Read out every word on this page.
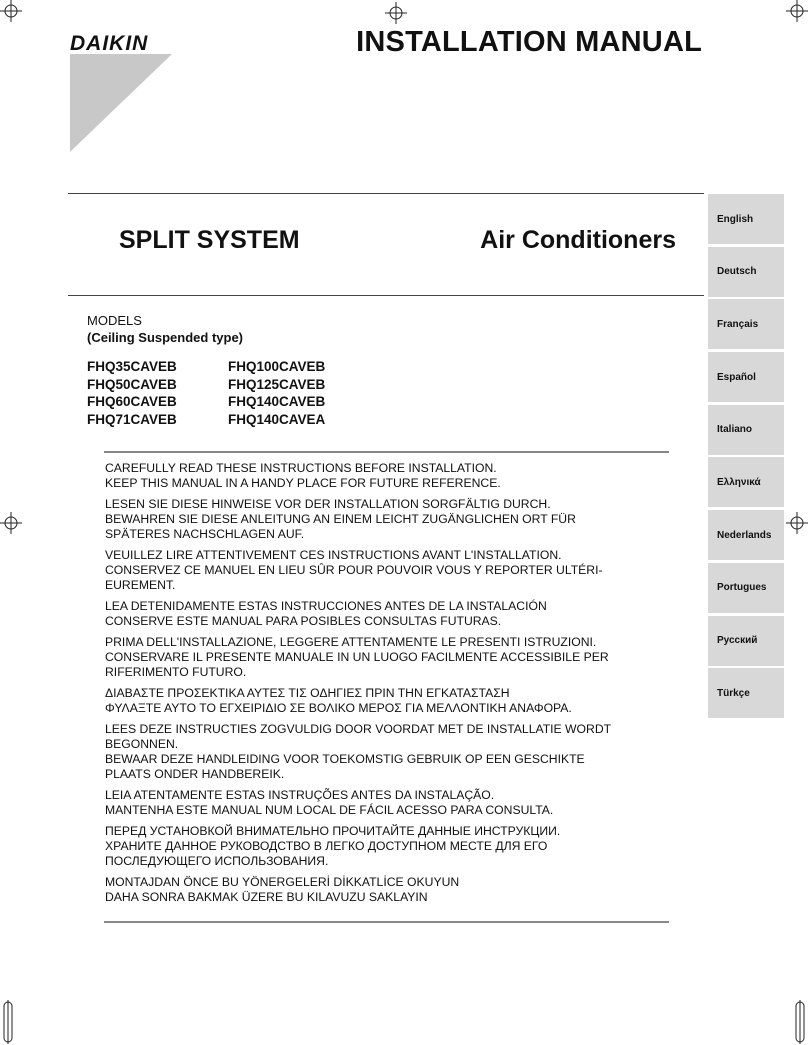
DAIKIN	INSTALLATION MANUAL
SPLIT SYSTEM	Air Conditioners
English
Deutsch
Français
Español
Italiano
Ελληνικά
Nederlands
Portugues
Русский
Türkçe
MODELS
(Ceiling Suspended type)
FHQ35CAVEB
FHQ50CAVEB
FHQ60CAVEB
FHQ71CAVEB
FHQ100CAVEB
FHQ125CAVEB
FHQ140CAVEB
FHQ140CAVEA
CAREFULLY READ THESE INSTRUCTIONS BEFORE INSTALLATION.
KEEP THIS MANUAL IN A HANDY PLACE FOR FUTURE REFERENCE.
LESEN SIE DIESE HINWEISE VOR DER INSTALLATION SORGFÄLTIG DURCH.
BEWAHREN SIE DIESE ANLEITUNG AN EINEM LEICHT ZUGÄNGLICHEN ORT FÜR
SPÄTERES NACHSCHLAGEN AUF.
VEUILLEZ LIRE ATTENTIVEMENT CES INSTRUCTIONS AVANT L'INSTALLATION.
CONSERVEZ CE MANUEL EN LIEU SÛR POUR POUVOIR VOUS Y REPORTER ULTÉRI-
EUREMENT.
LEA DETENIDAMENTE ESTAS INSTRUCCIONES ANTES DE LA INSTALACIÓN
CONSERVE ESTE MANUAL PARA POSIBLES CONSULTAS FUTURAS.
PRIMA DELL'INSTALLAZIONE, LEGGERE ATTENTAMENTE LE PRESENTI ISTRUZIONI.
CONSERVARE IL PRESENTE MANUALE IN UN LUOGO FACILMENTE ACCESSIBILE PER
RIFERIMENTO FUTURO.
ΔΙΑΒΑΣΤΕ ΠΡΟΣΕΚΤΙΚΑ ΑΥΤΕΣ ΤΙΣ ΟΔΗΓΙΕΣ ΠΡΙΝ ΤΗΝ ΕΓΚΑΤΑΣΤΑΣΗ
ΦΥΛΑΞΤΕ ΑΥΤΟ ΤΟ ΕΓΧΕΙΡΙΔΙΟ ΣΕ ΒΟΛΙΚΟ ΜΕΡΟΣ ΓΙΑ ΜΕΛΛΟΝΤΙΚΗ ΑΝΑΦΟΡΑ.
LEES DEZE INSTRUCTIES ZOGVULDIG DOOR VOORDAT MET DE INSTALLATIE WORDT
BEGONNEN.
BEWAAR DEZE HANDLEIDING VOOR TOEKOMSTIG GEBRUIK OP EEN GESCHIKTE
PLAATS ONDER HANDBEREIK.
LEIA ATENTAMENTE ESTAS INSTRUÇÕES ANTES DA INSTALAÇÃO.
MANTENHA ESTE MANUAL NUM LOCAL DE FÁCIL ACESSO PARA CONSULTA.
ПЕРЕД УСТАНОВКОЙ ВНИМАТЕЛЬНО ПРОЧИТАЙТЕ ДАННЫЕ ИНСТРУКЦИИ.
ХРАНИТЕ ДАННОЕ РУКОВОДСТВО В ЛЕГКО ДОСТУПНОМ МЕСТЕ ДЛЯ ЕГО
ПОСЛЕДУЮЩЕГО ИСПОЛЬЗОВАНИЯ.
MONTAJDAN ÖNCE BU YÖNERGELERİ DİKKATLİCE OKUYUN
DAHA SONRA BAKMAK ÜZERE BU KILAVUZU SAKLAYIN
